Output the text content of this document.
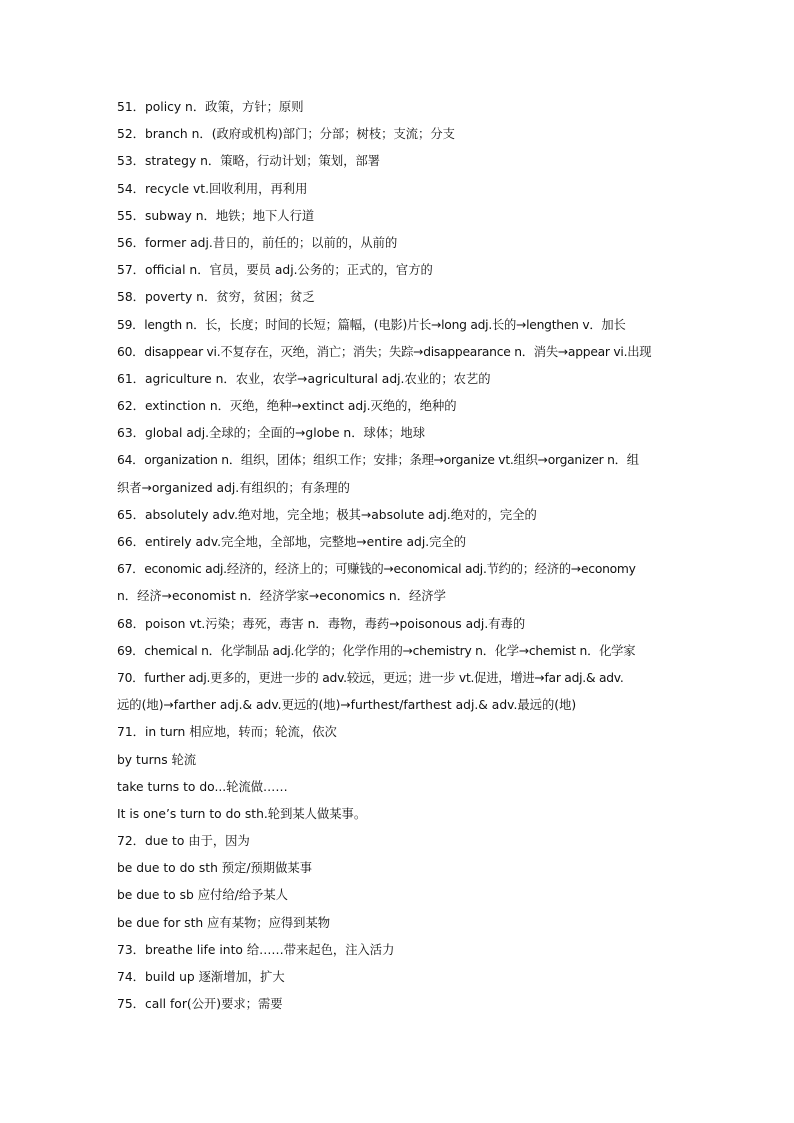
51．policy n．政策，方针；原则
52．branch n．(政府或机构)部门；分部；树枝；支流；分支
53．strategy n．策略，行动计划；策划，部署
54．recycle vt.回收利用，再利用
55．subway n．地铁；地下人行道
56．former adj.昔日的，前任的；以前的，从前的
57．official n．官员，要员 adj.公务的；正式的，官方的
58．poverty n．贫穷，贫困；贫乏
59．length n．长，长度；时间的长短；篇幅，(电影)片长→long adj.长的→lengthen v．加长
60．disappear vi.不复存在，灭绝，消亡；消失；失踪→disappearance n．消失→appear vi.出现
61．agriculture n．农业，农学→agricultural adj.农业的；农艺的
62．extinction n．灭绝，绝种→extinct adj.灭绝的，绝种的
63．global adj.全球的；全面的→globe n．球体；地球
64．organization n．组织，团体；组织工作；安排；条理→organize vt.组织→organizer n．组
织者→organized adj.有组织的；有条理的
65．absolutely adv.绝对地，完全地；极其→absolute adj.绝对的，完全的
66．entirely adv.完全地，全部地，完整地→entire adj.完全的
67．economic adj.经济的，经济上的；可赚钱的→economical adj.节约的；经济的→economy
n．经济→economist n．经济学家→economics n．经济学
68．poison vt.污染；毒死，毒害 n．毒物，毒药→poisonous adj.有毒的
69．chemical n．化学制品 adj.化学的；化学作用的→chemistry n．化学→chemist n．化学家
70．further adj.更多的，更进一步的 adv.较远，更远；进一步 vt.促进，增进→far adj.& adv.
远的(地)→farther adj.& adv.更远的(地)→furthest/farthest adj.& adv.最远的(地)
71．in turn 相应地，转而；轮流，依次
by turns 轮流
take turns to do...轮流做……
It is one’s turn to do sth.轮到某人做某事。
72．due to 由于，因为
be due to do sth 预定/预期做某事
be due to sb 应付给/给予某人
be due for sth 应有某物；应得到某物
73．breathe life into 给……带来起色，注入活力
74．build up 逐渐增加，扩大
75．call for(公开)要求；需要
